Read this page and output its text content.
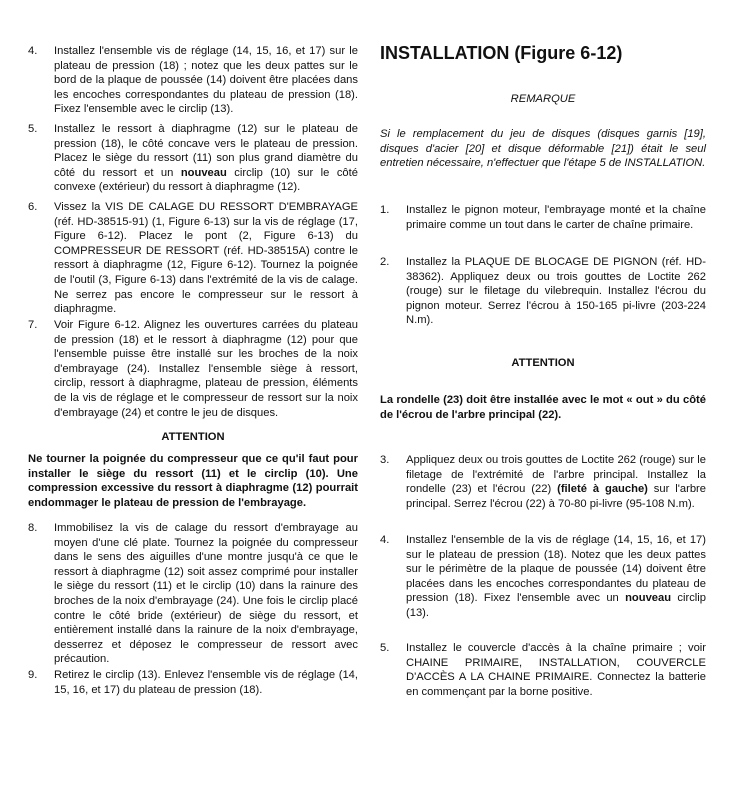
4.	Installez l'ensemble vis de réglage (14, 15, 16, et 17) sur le plateau de pression (18) ; notez que les deux pattes sur le bord de la plaque de poussée (14) doivent être placées dans les encoches correspondantes du plateau de pression (18). Fixez l'ensemble avec le circlip (13).
5.	Installez le ressort à diaphragme (12) sur le plateau de pression (18), le côté concave vers le plateau de pression. Placez le siège du ressort (11) son plus grand diamètre du côté du ressort et un nouveau circlip (10) sur le côté convexe (extérieur) du ressort à diaphragme (12).
6.	Vissez la VIS DE CALAGE DU RESSORT D'EMBRAYAGE (réf. HD-38515-91) (1, Figure 6-13) sur la vis de réglage (17, Figure 6-12). Placez le pont (2, Figure 6-13) du COMPRESSEUR DE RESSORT (réf. HD-38515A) contre le ressort à diaphragme (12, Figure 6-12). Tournez la poignée de l'outil (3, Figure 6-13) dans l'extrémité de la vis de calage. Ne serrez pas encore le compresseur sur le ressort à diaphragme.
7.	Voir Figure 6-12. Alignez les ouvertures carrées du plateau de pression (18) et le ressort à diaphragme (12) pour que l'ensemble puisse être installé sur les broches de la noix d'embrayage (24). Installez l'ensemble siège à ressort, circlip, ressort à diaphragme, plateau de pression, éléments de la vis de réglage et le compresseur de ressort sur la noix d'embrayage (24) et contre le jeu de disques.
ATTENTION

Ne tourner la poignée du compresseur que ce qu'il faut pour installer le siège du ressort (11) et le circlip (10). Une compression excessive du ressort à diaphragme (12) pourrait endommager le plateau de pression de l'embrayage.

8.	Immobilisez la vis de calage du ressort d'embrayage au moyen d'une clé plate. Tournez la poignée du compresseur dans le sens des aiguilles d'une montre jusqu'à ce que le ressort à diaphragme (12) soit assez comprimé pour installer le siège du ressort (11) et le circlip (10) dans la rainure des broches de la noix d'embrayage (24). Une fois le circlip placé contre le côté bride (extérieur) de siège du ressort, et entièrement installé dans la rainure de la noix d'embrayage, desserrez et déposez le compresseur de ressort avec précaution.
9.	Retirez le circlip (13). Enlevez l'ensemble vis de réglage (14, 15, 16, et 17) du plateau de pression (18).
INSTALLATION (Figure 6-12)
REMARQUE

Si le remplacement du jeu de disques (disques garnis [19], disques d'acier [20] et disque déformable [21]) était le seul entretien nécessaire, n'effectuer que l'étape 5 de INSTALLATION.

1.	Installez le pignon moteur, l'embrayage monté et la chaîne primaire comme un tout dans le carter de chaîne primaire.
2.	Installez la PLAQUE DE BLOCAGE DE PIGNON (réf. HD-38362). Appliquez deux ou trois gouttes de Loctite 262 (rouge) sur le filetage du vilebrequin. Installez l'écrou du pignon moteur. Serrez l'écrou à 150-165 pi-livre (203-224 N.m).
ATTENTION

La rondelle (23) doit être installée avec le mot « out » du côté de l'écrou de l'arbre principal (22).

3.	Appliquez deux ou trois gouttes de Loctite 262 (rouge) sur le filetage de l'extrémité de l'arbre principal. Installez la rondelle (23) et l'écrou (22) (fileté à gauche) sur l'arbre principal. Serrez l'écrou (22) à 70-80 pi-livre (95-108 N.m).
4.	Installez l'ensemble de la vis de réglage (14, 15, 16, et 17) sur le plateau de pression (18). Notez que les deux pattes sur le périmètre de la plaque de poussée (14) doivent être placées dans les encoches correspondantes du plateau de pression (18). Fixez l'ensemble avec un nouveau circlip (13).
5.	Installez le couvercle d'accès à la chaîne primaire ; voir CHAINE PRIMAIRE, INSTALLATION, COUVERCLE D'ACCÈS A LA CHAINE PRIMAIRE. Connectez la batterie en commençant par la borne positive.
